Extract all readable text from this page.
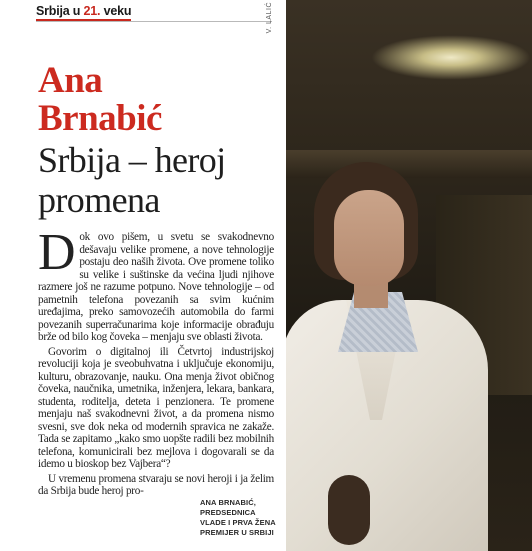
Srbija u 21. veku
Ana
Brnabić
Srbija – heroj
promena

Dok ovo pišem, u svetu se svakodnevno dešavaju velike promene, a nove tehnologije postaju deo naših života. Ove promene toliko su velike i suštinske da većina ljudi njihove razmere još ne razume potpuno. Nove tehnologije – od pametnih telefona povezanih sa svim kućnim uređajima, preko samovozećih automobila do farmi povezanih superračunarima koje informacije obrađuju brže od bilo kog čoveka – menjaju sve oblasti života.

Govorim o digitalnoj ili Četvrtoj industrijskoj revoluciji koja je sveobuhvatna i uključuje ekonomiju, kulturu, obrazovanje, nauku. Ona menja život običnog čoveka, naučnika, umetnika, inženjera, lekara, bankara, studenta, roditelja, deteta i penzionera. Te promene menjaju naš svakodnevni život, a da promena nismo svesni, sve dok neka od modernih spravica ne zakaže. Tada se zapitamo „kako smo uopšte radili bez mobilnih telefona, komunicirali bez mejlova i dogovarali se da idemo u bioskop bez Vajbera“?

U vremenu promena stvaraju se novi heroji i ja želim da Srbija bude heroj pro-

V. LALIĆ
ANA BRNABIĆ,
PREDSEDNICA
VLADE I PRVA ŽENA
PREMIJER U SRBIJI
